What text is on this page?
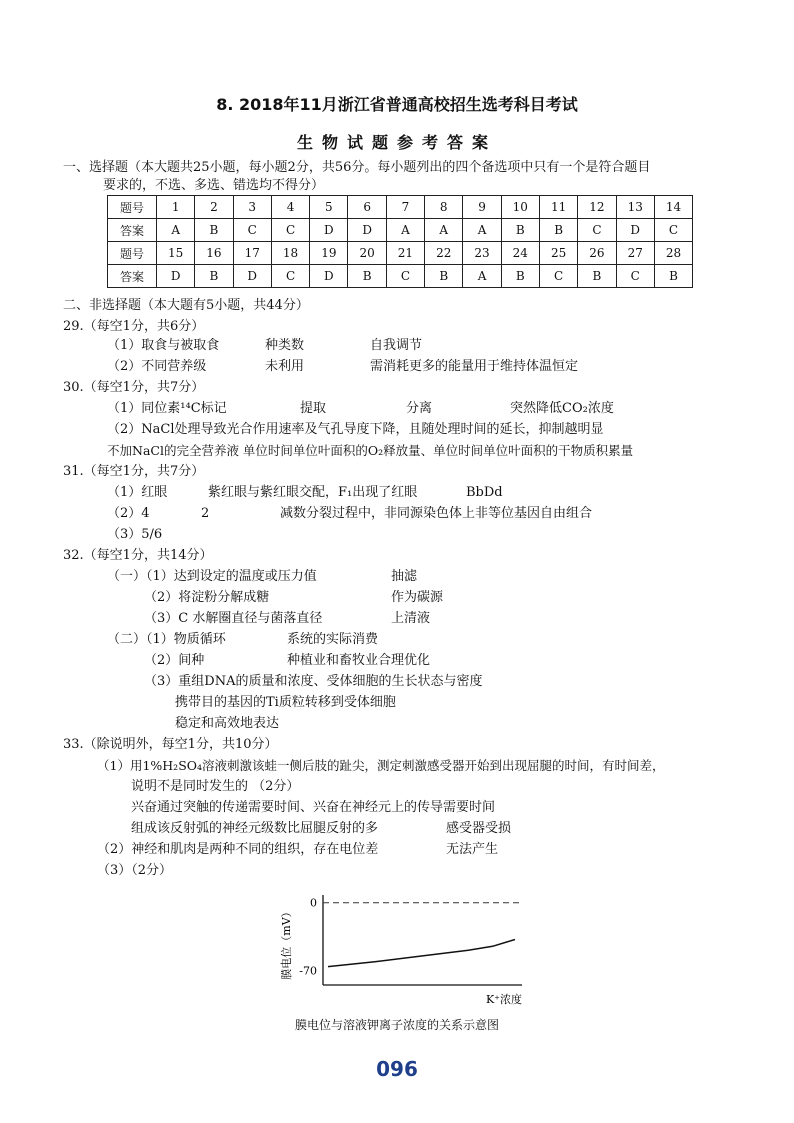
8. 2018年11月浙江省普通高校招生选考科目考试
生物试题参考答案
一、选择题（本大题共25小题，每小题2分，共56分。每小题列出的四个备选项中只有一个是符合题目
要求的，不选、多选、错选均不得分）
题号	1	2	3	4	5	6	7	8	9	10	11	12	13	14
答案	A	B	C	C	D	D	A	A	A	B	B	C	D	C
题号	15	16	17	18	19	20	21	22	23	24	25	26	27	28
答案	D	B	D	C	D	B	C	B	A	B	C	B	C	B
二、非选择题（本大题有5小题，共44分）
29.（每空1分，共6分）
（1）取食与被取食	种类数	自我调节
（2）不同营养级	未利用	需消耗更多的能量用于维持体温恒定
30.（每空1分，共7分）
（1）同位素¹⁴C标记	提取	分离	突然降低CO₂浓度
（2）NaCl处理导致光合作用速率及气孔导度下降，且随处理时间的延长，抑制越明显
不加NaCl的完全营养液 单位时间单位叶面积的O₂释放量、单位时间单位叶面积的干物质积累量
31.（每空1分，共7分）
（1）红眼	紫红眼与紫红眼交配，F₁出现了红眼	BbDd
（2）4	2	减数分裂过程中，非同源染色体上非等位基因自由组合
（3）5/6
32.（每空1分，共14分）
（一）（1）达到设定的温度或压力值	抽滤
（2）将淀粉分解成糖	作为碳源
（3）C 水解圈直径与菌落直径	上清液
（二）（1）物质循环	系统的实际消费
（2）间种	种植业和畜牧业合理优化
（3）重组DNA的质量和浓度、受体细胞的生长状态与密度
携带目的基因的Ti质粒转移到受体细胞
稳定和高效地表达
33.（除说明外，每空1分，共10分）
（1）用1%H₂SO₄溶液刺激该蛙一侧后肢的趾尖，测定刺激感受器开始到出现屈腿的时间，有时间差，
说明不是同时发生的 （2分）
兴奋通过突触的传递需要时间、兴奋在神经元上的传导需要时间
组成该反射弧的神经元级数比屈腿反射的多	感受器受损
（2）神经和肌肉是两种不同的组织，存在电位差	无法产生
（3）（2分）
0
-70
膜电位（mV）
K⁺浓度
膜电位与溶液钾离子浓度的关系示意图
096
